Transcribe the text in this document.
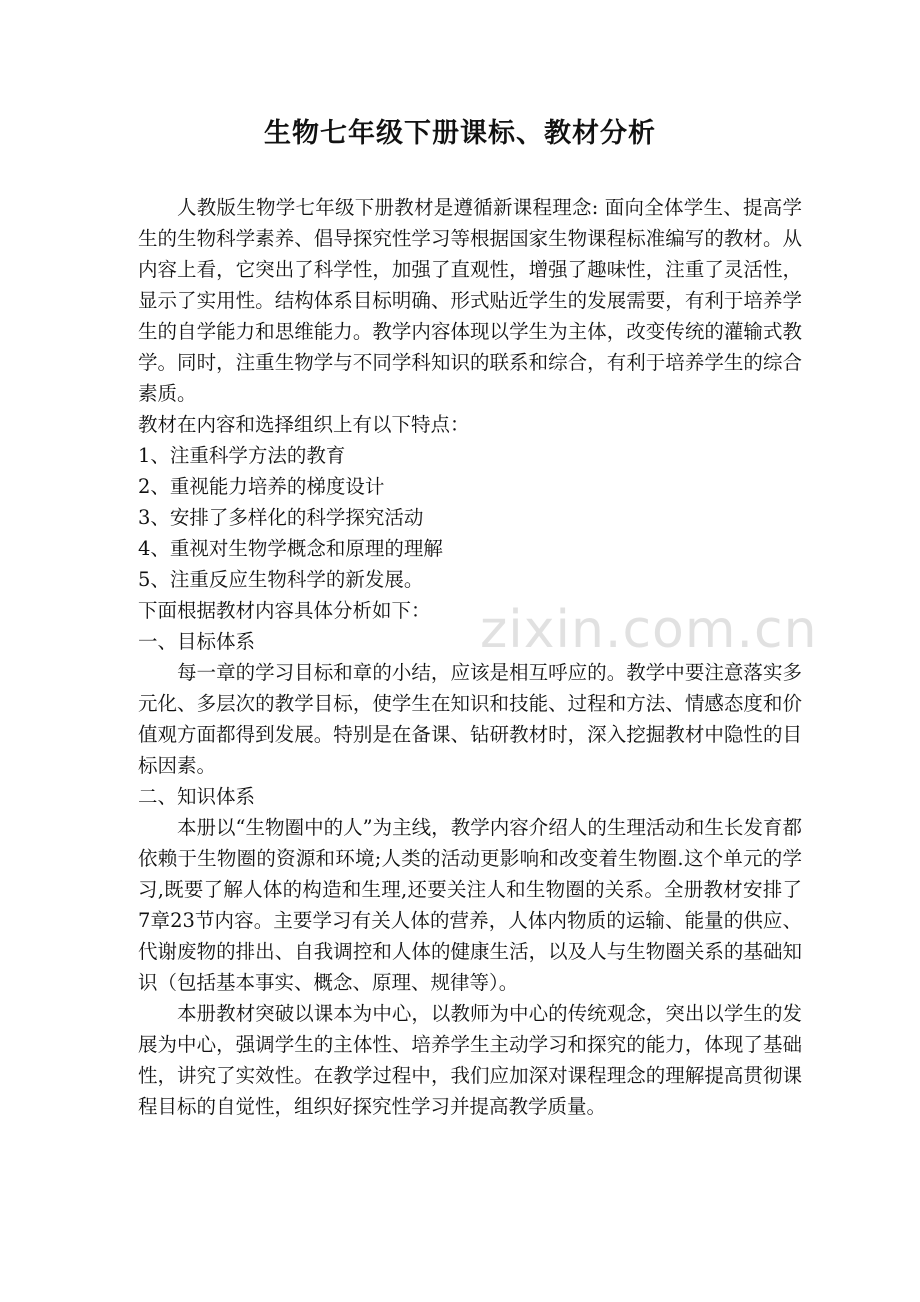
生物七年级下册课标、教材分析

人教版生物学七年级下册教材是遵循新课程理念: 面向全体学生、提高学生的生物科学素养、倡导探究性学习等根据国家生物课程标准编写的教材。从内容上看，它突出了科学性，加强了直观性，增强了趣味性，注重了灵活性，显示了实用性。结构体系目标明确、形式贴近学生的发展需要，有利于培养学生的自学能力和思维能力。教学内容体现以学生为主体，改变传统的灌输式教学。同时，注重生物学与不同学科知识的联系和综合，有利于培养学生的综合素质。

教材在内容和选择组织上有以下特点：

1、注重科学方法的教育

2、重视能力培养的梯度设计

3、安排了多样化的科学探究活动

4、重视对生物学概念和原理的理解

5、注重反应生物科学的新发展。

下面根据教材内容具体分析如下：

一、目标体系

每一章的学习目标和章的小结，应该是相互呼应的。教学中要注意落实多元化、多层次的教学目标，使学生在知识和技能、过程和方法、情感态度和价值观方面都得到发展。特别是在备课、钻研教材时，深入挖掘教材中隐性的目标因素。

二、知识体系

本册以“生物圈中的人”为主线，教学内容介绍人的生理活动和生长发育都依赖于生物圈的资源和环境;人类的活动更影响和改变着生物圈.这个单元的学习,既要了解人体的构造和生理,还要关注人和生物圈的关系。全册教材安排了7章23节内容。主要学习有关人体的营养，人体内物质的运输、能量的供应、代谢废物的排出、自我调控和人体的健康生活，以及人与生物圈关系的基础知识（包括基本事实、概念、原理、规律等）。

本册教材突破以课本为中心，以教师为中心的传统观念，突出以学生的发展为中心，强调学生的主体性、培养学生主动学习和探究的能力，体现了基础性，讲究了实效性。在教学过程中，我们应加深对课程理念的理解提高贯彻课程目标的自觉性，组织好探究性学习并提高教学质量。

zixin.com.cn
